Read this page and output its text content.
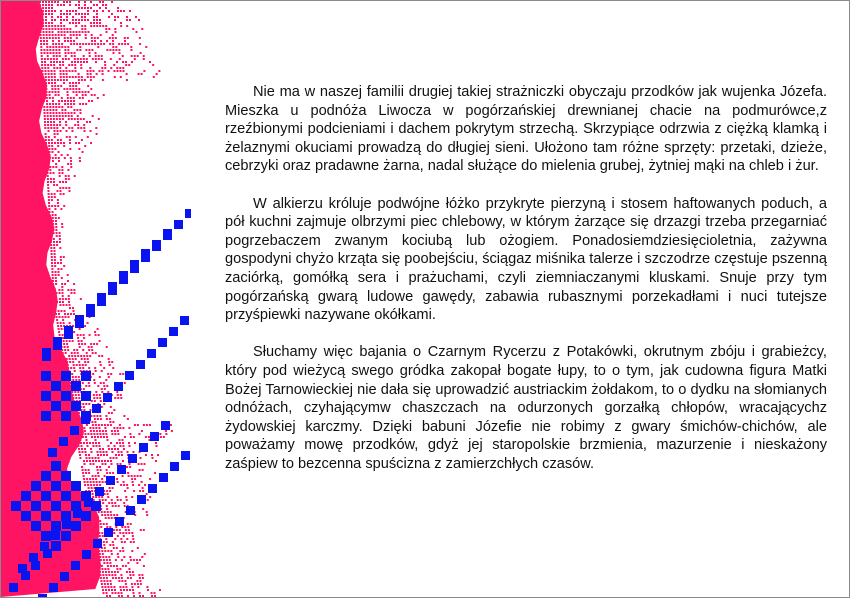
Nie ma w naszej familii drugiej takiej strażniczki obyczaju przodków jak wujenka Józefa. Mieszka u podnóża Liwocza w pogórzańskiej drewnianej chacie na podmurówce,z rzeźbionymi podcieniami i dachem pokrytym strzechą. Skrzypiące odrzwia z ciężką klamką i żelaznymi okuciami prowadzą do długiej sieni. Ułożono tam różne sprzęty: przetaki, dzieże, cebrzyki oraz pradawne żarna, nadal służące do mielenia grubej, żytniej mąki na chleb i żur.

W alkierzu króluje podwójne łóżko przykryte pierzyną i stosem haftowanych poduch, a pół kuchni zajmuje olbrzymi piec chlebowy, w którym żarzące się drzazgi trzeba przegarniać pogrzebaczem zwanym kociubą lub ożogiem. Ponadosiemdziesięcioletnia, zażywna gospodyni chyżo krząta się poobejściu, ściągaz miśnika talerze i szczodrze częstuje pszenną zaciórką, gomółką sera i prażuchami, czyli ziemniaczanymi kluskami. Snuje przy tym pogórzańską gwarą ludowe gawędy, zabawia rubasznymi porzekadłami i nuci tutejsze przyśpiewki nazywane okółkami.

Słuchamy więc bajania o Czarnym Rycerzu z Potakówki, okrutnym zbóju i grabieżcy, który pod wieżycą swego gródka zakopał bogate łupy, to o tym, jak cudowna figura Matki Bożej Tarnowieckiej nie dała się uprowadzić austriackim żołdakom, to o dydku na słomianych odnóżach, czyhającymw chaszczach na odurzonych gorzałką chłopów, wracającychz żydowskiej karczmy. Dzięki babuni Józefie nie robimy z gwary śmichów-chichów, ale poważamy mowę przodków, gdyż jej staropolskie brzmienia, mazurzenie i nieskażony zaśpiew to bezcenna spuścizna z zamierzchłych czasów.
